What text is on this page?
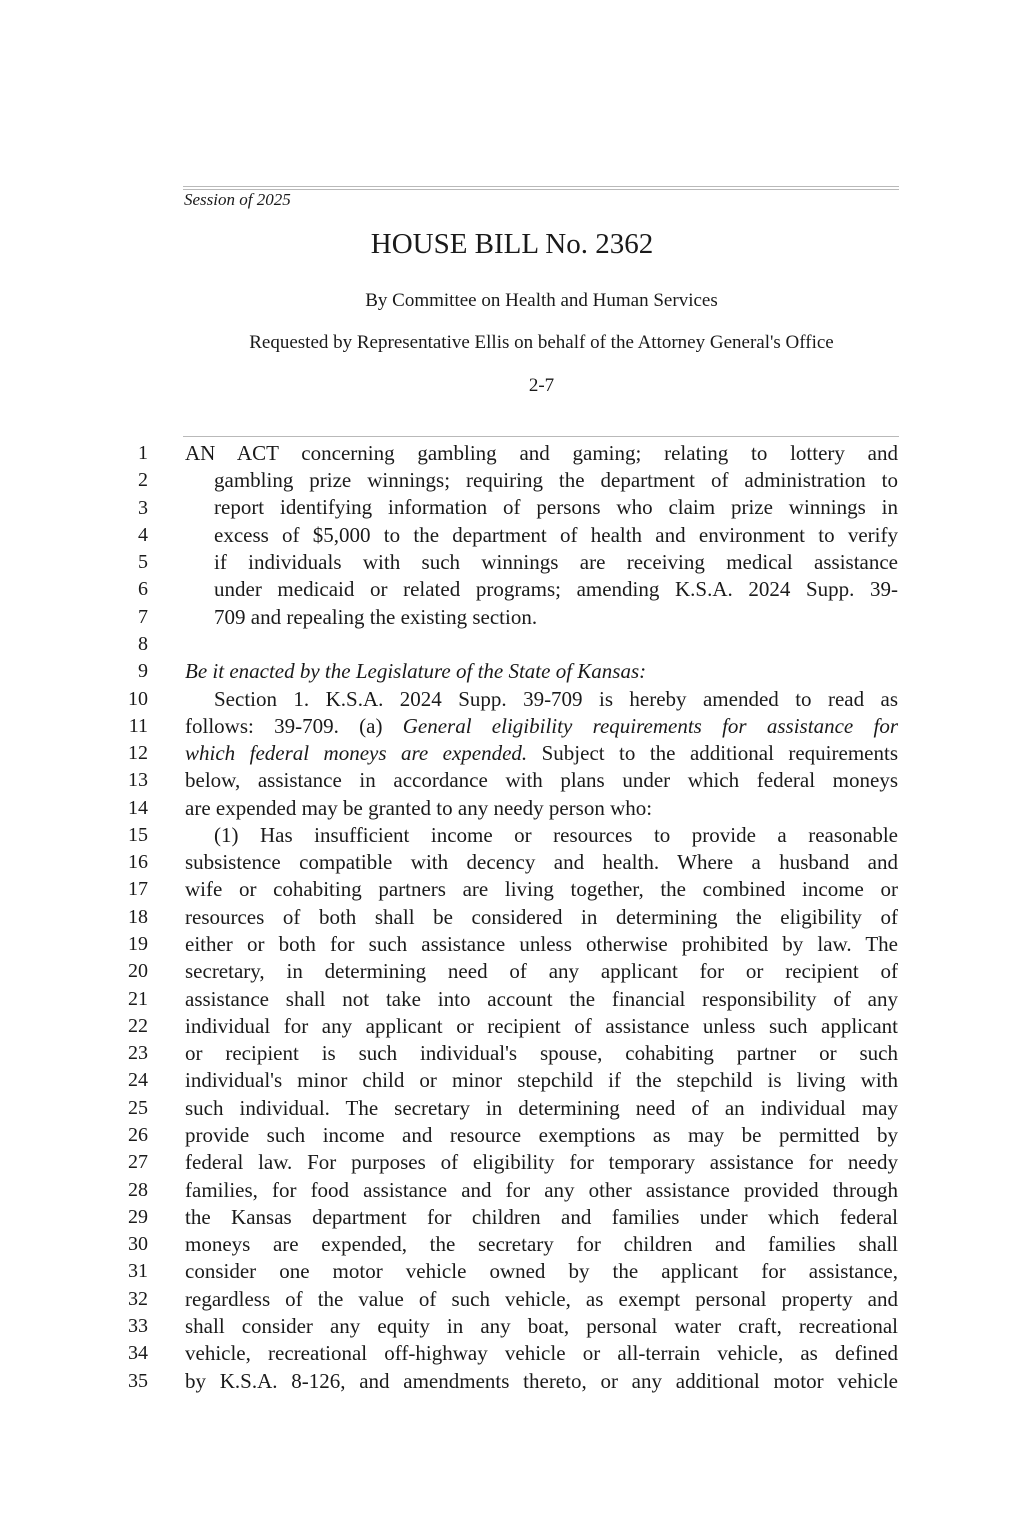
Session of 2025
HOUSE BILL No. 2362
By Committee on Health and Human Services
Requested by Representative Ellis on behalf of the Attorney General's Office
2-7
1
2
3
4
5
6
7
8
9
10
11
12
13
14
15
16
17
18
19
20
21
22
23
24
25
26
27
28
29
30
31
32
33
34
35
AN ACT concerning gambling and gaming; relating to lottery and
gambling prize winnings; requiring the department of administration to
report identifying information of persons who claim prize winnings in
excess of $5,000 to the department of health and environment to verify
if individuals with such winnings are receiving medical assistance
under medicaid or related programs; amending K.S.A. 2024 Supp. 39-
709 and repealing the existing section.
Be it enacted by the Legislature of the State of Kansas:
Section 1. K.S.A. 2024 Supp. 39-709 is hereby amended to read as
follows: 39-709. (a) General eligibility requirements for assistance for
which federal moneys are expended. Subject to the additional requirements
below, assistance in accordance with plans under which federal moneys
are expended may be granted to any needy person who:
(1) Has insufficient income or resources to provide a reasonable
subsistence compatible with decency and health. Where a husband and
wife or cohabiting partners are living together, the combined income or
resources of both shall be considered in determining the eligibility of
either or both for such assistance unless otherwise prohibited by law. The
secretary, in determining need of any applicant for or recipient of
assistance shall not take into account the financial responsibility of any
individual for any applicant or recipient of assistance unless such applicant
or recipient is such individual's spouse, cohabiting partner or such
individual's minor child or minor stepchild if the stepchild is living with
such individual. The secretary in determining need of an individual may
provide such income and resource exemptions as may be permitted by
federal law. For purposes of eligibility for temporary assistance for needy
families, for food assistance and for any other assistance provided through
the Kansas department for children and families under which federal
moneys are expended, the secretary for children and families shall
consider one motor vehicle owned by the applicant for assistance,
regardless of the value of such vehicle, as exempt personal property and
shall consider any equity in any boat, personal water craft, recreational
vehicle, recreational off-highway vehicle or all-terrain vehicle, as defined
by K.S.A. 8-126, and amendments thereto, or any additional motor vehicle
